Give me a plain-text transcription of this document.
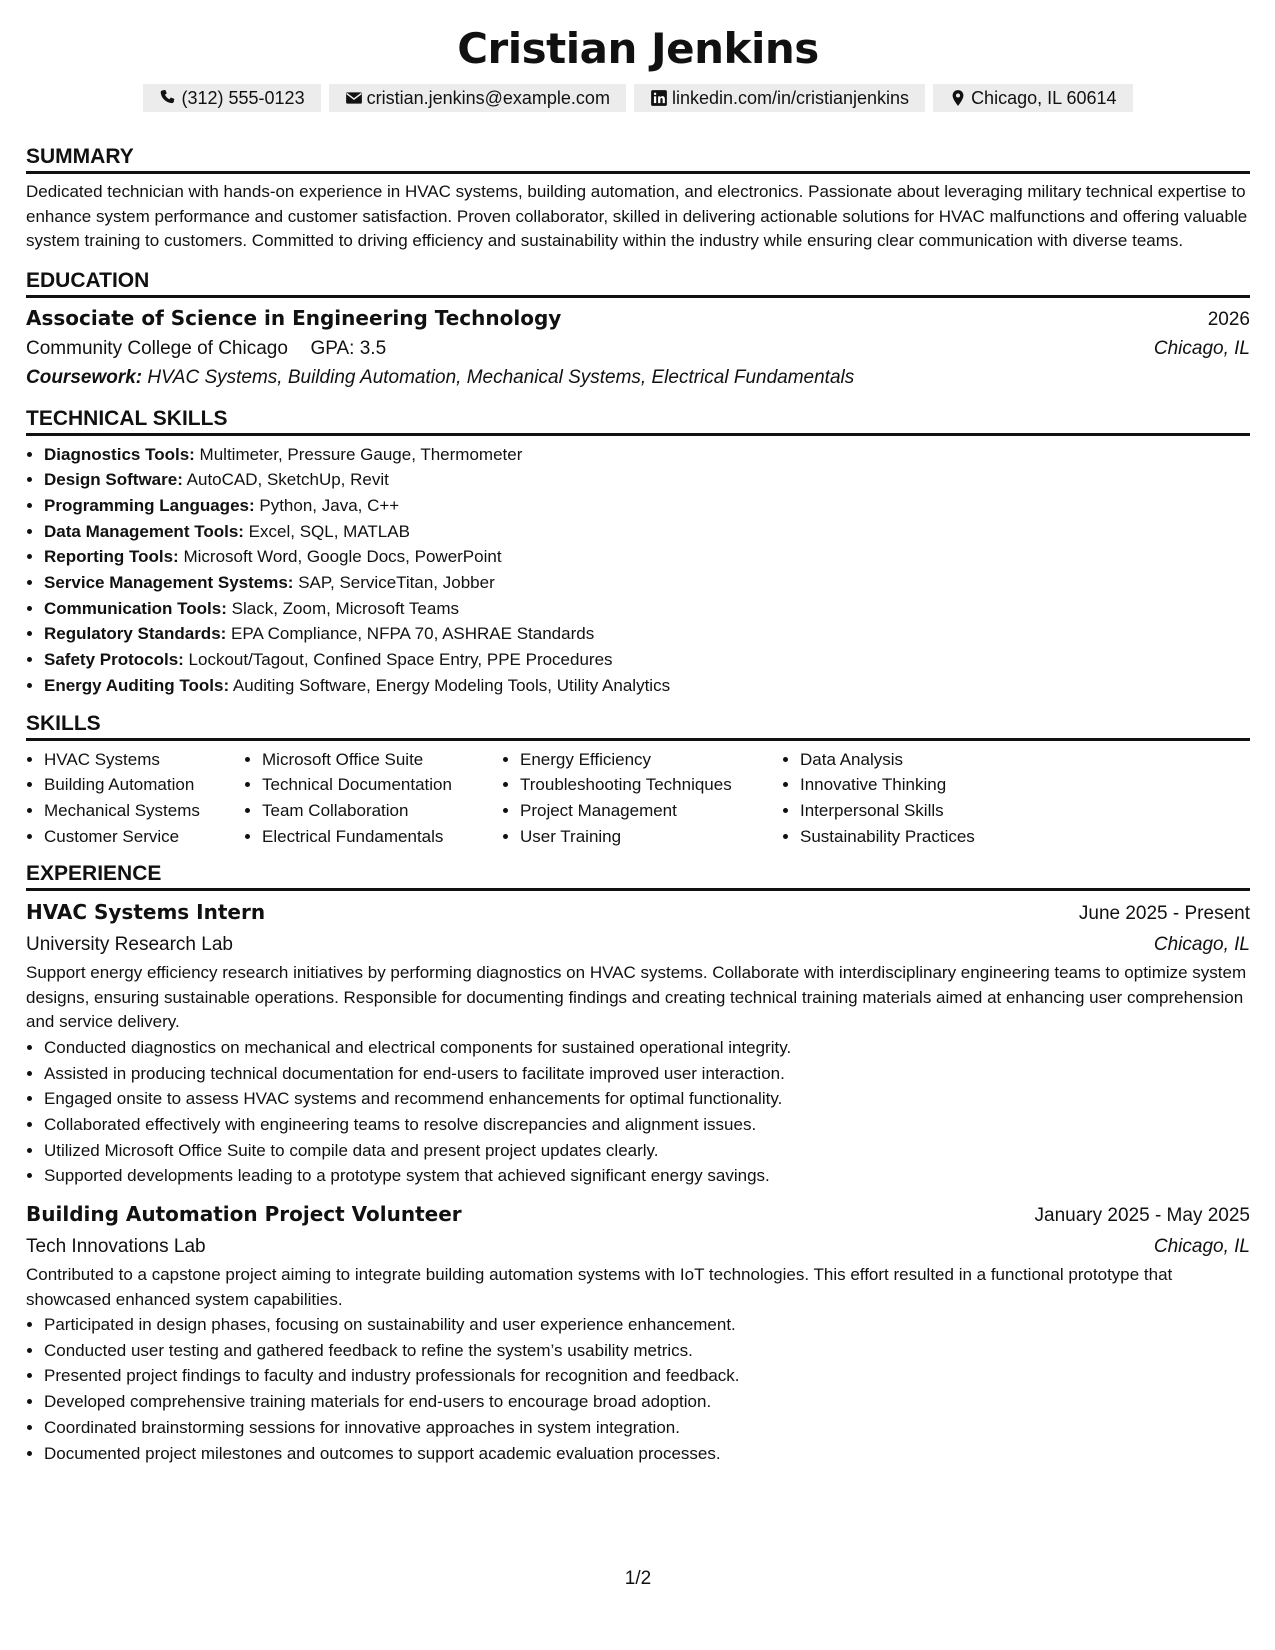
Cristian Jenkins
(312) 555-0123	cristian.jenkins@example.com	linkedin.com/in/cristianjenkins	Chicago, IL 60614
SUMMARY

Dedicated technician with hands-on experience in HVAC systems, building automation, and electronics. Passionate about leveraging military technical expertise to enhance system performance and customer satisfaction. Proven collaborator, skilled in delivering actionable solutions for HVAC malfunctions and offering valuable system training to customers. Committed to driving efficiency and sustainability within the industry while ensuring clear communication with diverse teams.

EDUCATION
Associate of Science in Engineering Technology	2026
Community College of Chicago GPA: 3.5	Chicago, IL
Coursework: HVAC Systems, Building Automation, Mechanical Systems, Electrical Fundamentals
TECHNICAL SKILLS
• Diagnostics Tools: Multimeter, Pressure Gauge, Thermometer
• Design Software: AutoCAD, SketchUp, Revit
• Programming Languages: Python, Java, C++
• Data Management Tools: Excel, SQL, MATLAB
• Reporting Tools: Microsoft Word, Google Docs, PowerPoint
• Service Management Systems: SAP, ServiceTitan, Jobber
• Communication Tools: Slack, Zoom, Microsoft Teams
• Regulatory Standards: EPA Compliance, NFPA 70, ASHRAE Standards
• Safety Protocols: Lockout/Tagout, Confined Space Entry, PPE Procedures
• Energy Auditing Tools: Auditing Software, Energy Modeling Tools, Utility Analytics
SKILLS
• HVAC Systems
• Building Automation
• Mechanical Systems
• Customer Service
• Microsoft Office Suite
• Technical Documentation
• Team Collaboration
• Electrical Fundamentals
• Energy Efficiency
• Troubleshooting Techniques
• Project Management
• User Training
• Data Analysis
• Innovative Thinking
• Interpersonal Skills
• Sustainability Practices
EXPERIENCE
HVAC Systems Intern	June 2025 - Present
University Research Lab	Chicago, IL

Support energy efficiency research initiatives by performing diagnostics on HVAC systems. Collaborate with interdisciplinary engineering teams to optimize system designs, ensuring sustainable operations. Responsible for documenting findings and creating technical training materials aimed at enhancing user comprehension and service delivery.

• Conducted diagnostics on mechanical and electrical components for sustained operational integrity.
• Assisted in producing technical documentation for end-users to facilitate improved user interaction.
• Engaged onsite to assess HVAC systems and recommend enhancements for optimal functionality.
• Collaborated effectively with engineering teams to resolve discrepancies and alignment issues.
• Utilized Microsoft Office Suite to compile data and present project updates clearly.
• Supported developments leading to a prototype system that achieved significant energy savings.
Building Automation Project Volunteer	January 2025 - May 2025
Tech Innovations Lab	Chicago, IL

Contributed to a capstone project aiming to integrate building automation systems with IoT technologies. This effort resulted in a functional prototype that showcased enhanced system capabilities.

• Participated in design phases, focusing on sustainability and user experience enhancement.
• Conducted user testing and gathered feedback to refine the system’s usability metrics.
• Presented project findings to faculty and industry professionals for recognition and feedback.
• Developed comprehensive training materials for end-users to encourage broad adoption.
• Coordinated brainstorming sessions for innovative approaches in system integration.
• Documented project milestones and outcomes to support academic evaluation processes.
1/2
